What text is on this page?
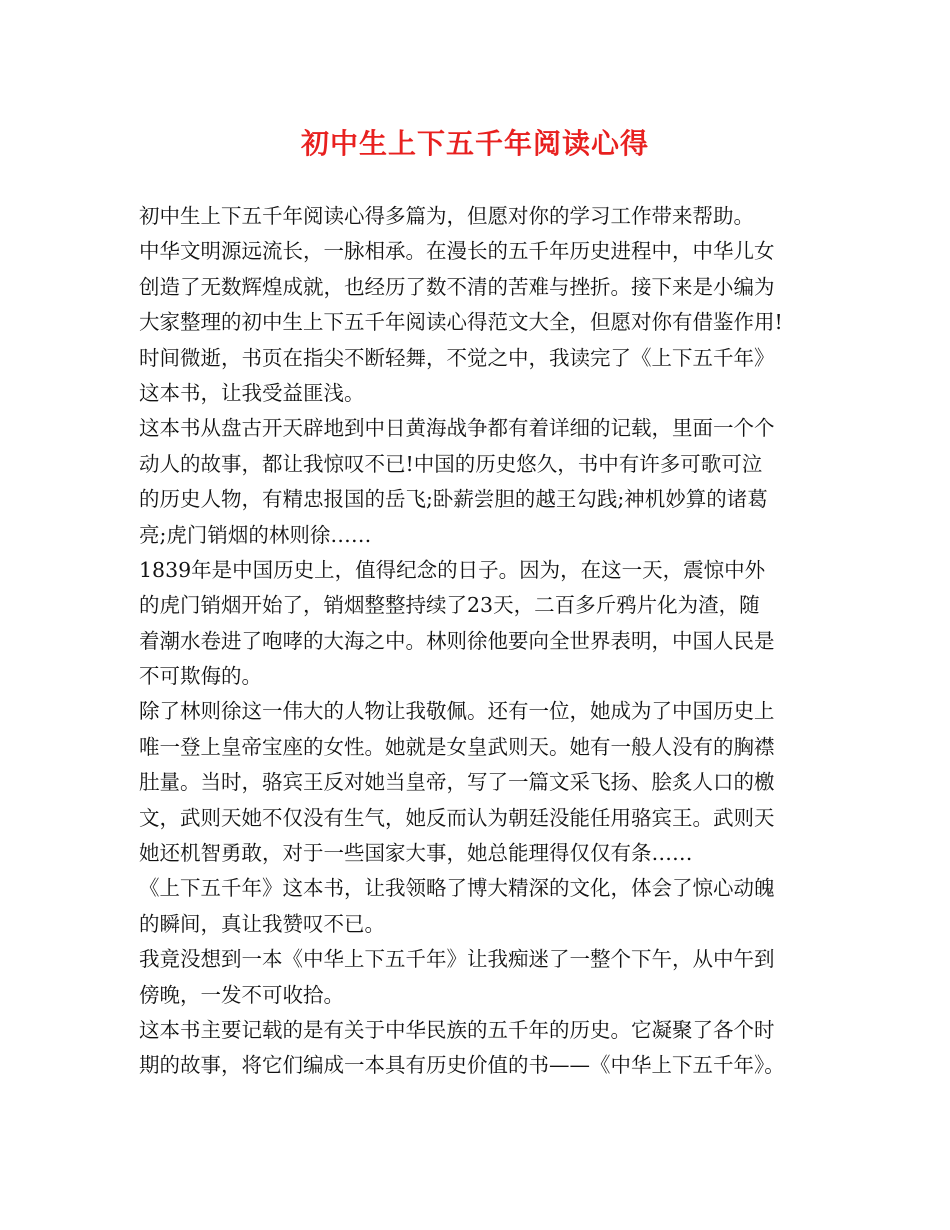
初中生上下五千年阅读心得
初中生上下五千年阅读心得多篇为，但愿对你的学习工作带来帮助。
中华文明源远流长，一脉相承。在漫长的五千年历史进程中，中华儿女
创造了无数辉煌成就，也经历了数不清的苦难与挫折。接下来是小编为
大家整理的初中生上下五千年阅读心得范文大全，但愿对你有借鉴作用!
时间微逝，书页在指尖不断轻舞，不觉之中，我读完了《上下五千年》
这本书，让我受益匪浅。
这本书从盘古开天辟地到中日黄海战争都有着详细的记载，里面一个个
动人的故事，都让我惊叹不已!中国的历史悠久，书中有许多可歌可泣
的历史人物，有精忠报国的岳飞;卧薪尝胆的越王勾践;神机妙算的诸葛
亮;虎门销烟的林则徐……
1839年是中国历史上，值得纪念的日子。因为，在这一天，震惊中外
的虎门销烟开始了，销烟整整持续了23天，二百多斤鸦片化为渣，随
着潮水卷进了咆哮的大海之中。林则徐他要向全世界表明，中国人民是
不可欺侮的。
除了林则徐这一伟大的人物让我敬佩。还有一位，她成为了中国历史上
唯一登上皇帝宝座的女性。她就是女皇武则天。她有一般人没有的胸襟
肚量。当时，骆宾王反对她当皇帝，写了一篇文采飞扬、脍炙人口的檄
文，武则天她不仅没有生气，她反而认为朝廷没能任用骆宾王。武则天
她还机智勇敢，对于一些国家大事，她总能理得仅仅有条……
《上下五千年》这本书，让我领略了博大精深的文化，体会了惊心动魄
的瞬间，真让我赞叹不已。
我竟没想到一本《中华上下五千年》让我痴迷了一整个下午，从中午到
傍晚，一发不可收拾。
这本书主要记载的是有关于中华民族的五千年的历史。它凝聚了各个时
期的故事，将它们编成一本具有历史价值的书——《中华上下五千年》。
